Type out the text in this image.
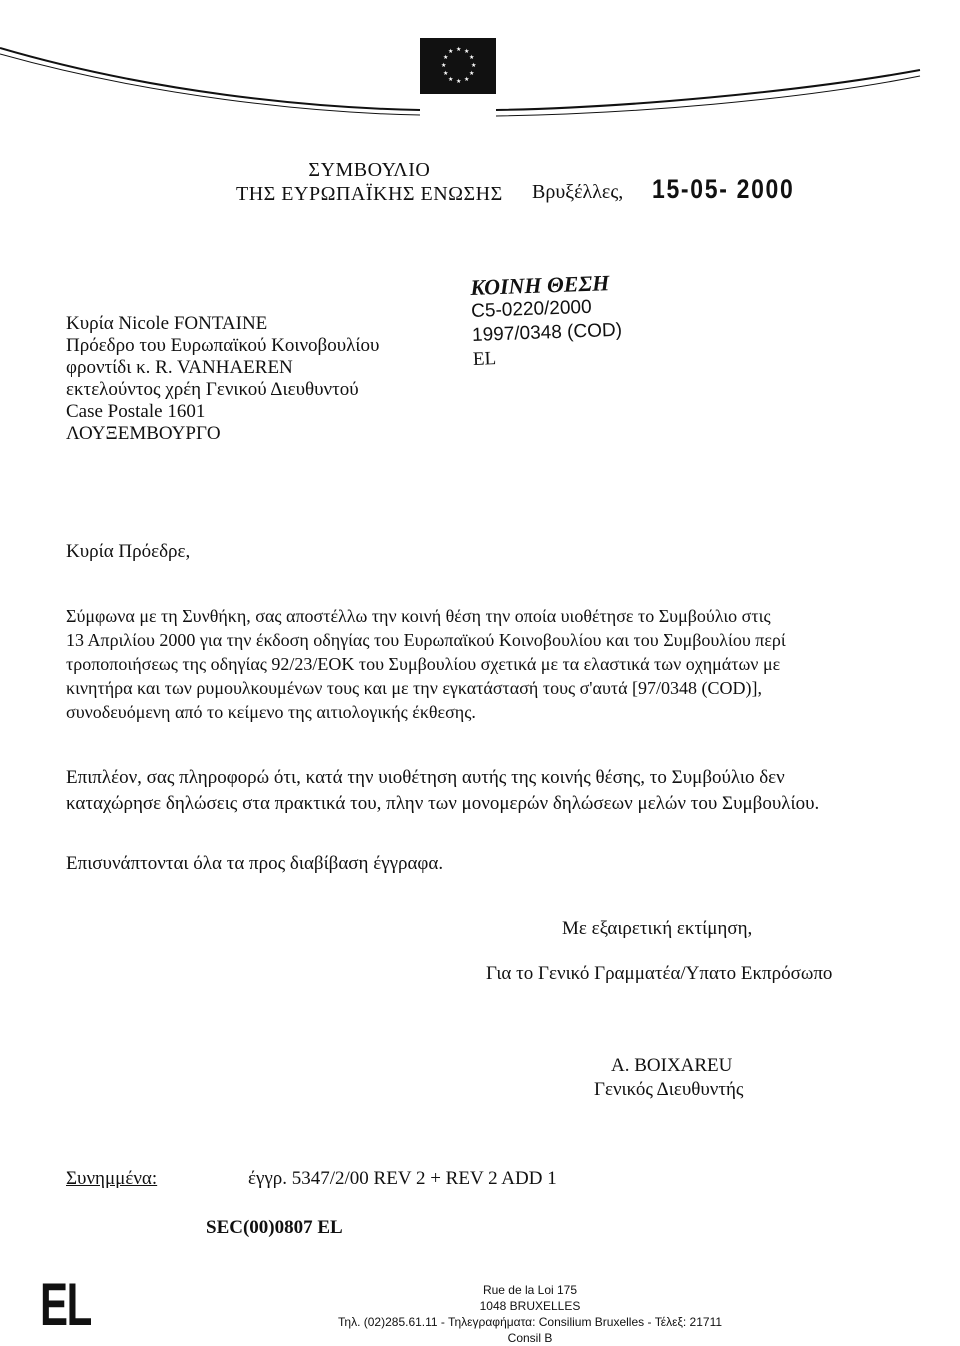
★ ★
★
★
★
★
★
★
★
★
★
★
ΣΥΜΒΟΥΛΙΟ
ΤΗΣ ΕΥΡΩΠΑΪΚΗΣ ΕΝΩΣΗΣ Βρυξέλλες, 15-05- 2000
Κυρία Nicole FONTAINE
Πρόεδρο του Ευρωπαϊκού Κοινοβουλίου
φροντίδι κ. R. VANHAEREN
εκτελούντος χρέη Γενικού Διευθυντού
Case Postale 1601
ΛΟΥΞΕΜΒΟΥΡΓΟ
ΚΟΙΝΗ ΘΕΣΗ
C5-0220/2000
1997/0348 (COD)
EL
Κυρία Πρόεδρε,
Σύμφωνα με τη Συνθήκη, σας αποστέλλω την κοινή θέση την οποία υιοθέτησε το Συμβούλιο στις
13 Απριλίου 2000 για την έκδοση οδηγίας του Ευρωπαϊκού Κοινοβουλίου και του Συμβουλίου περί
τροποποιήσεως της οδηγίας 92/23/ΕΟΚ του Συμβουλίου σχετικά με τα ελαστικά των οχημάτων με
κινητήρα και των ρυμουλκουμένων τους και με την εγκατάστασή τους σ'αυτά [97/0348 (COD)],
συνοδευόμενη από το κείμενο της αιτιολογικής έκθεσης.
Επιπλέον, σας πληροφορώ ότι, κατά την υιοθέτηση αυτής της κοινής θέσης, το Συμβούλιο δεν
καταχώρησε δηλώσεις στα πρακτικά του, πλην των μονομερών δηλώσεων μελών του Συμβουλίου.
Επισυνάπτονται όλα τα προς διαβίβαση έγγραφα.
Με εξαιρετική εκτίμηση,
Για το Γενικό Γραμματέα/Υπατο Εκπρόσωπο
A. BOIXAREU
Γενικός Διευθυντής
Συνημμένα:	έγγρ. 5347/2/00 REV 2 + REV 2 ADD 1
SEC(00)0807 EL
EL	Rue de la Loi 175
1048 BRUXELLES
Τηλ. (02)285.61.11 - Τηλεγραφήματα: Consilium Bruxelles - Τέλεξ: 21711 Consil B
